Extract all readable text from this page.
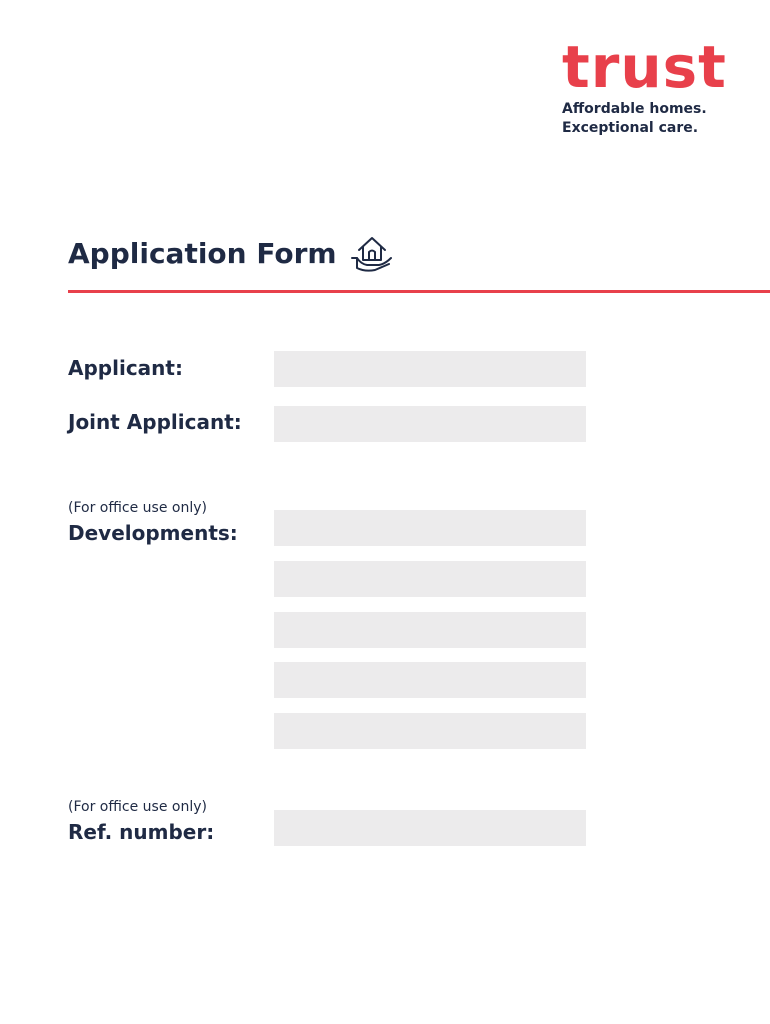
trust
Affordable homes.
Exceptional care.
Application Form
Applicant:
Joint Applicant:
(For office use only)
Developments:
(For office use only)
Ref. number:
